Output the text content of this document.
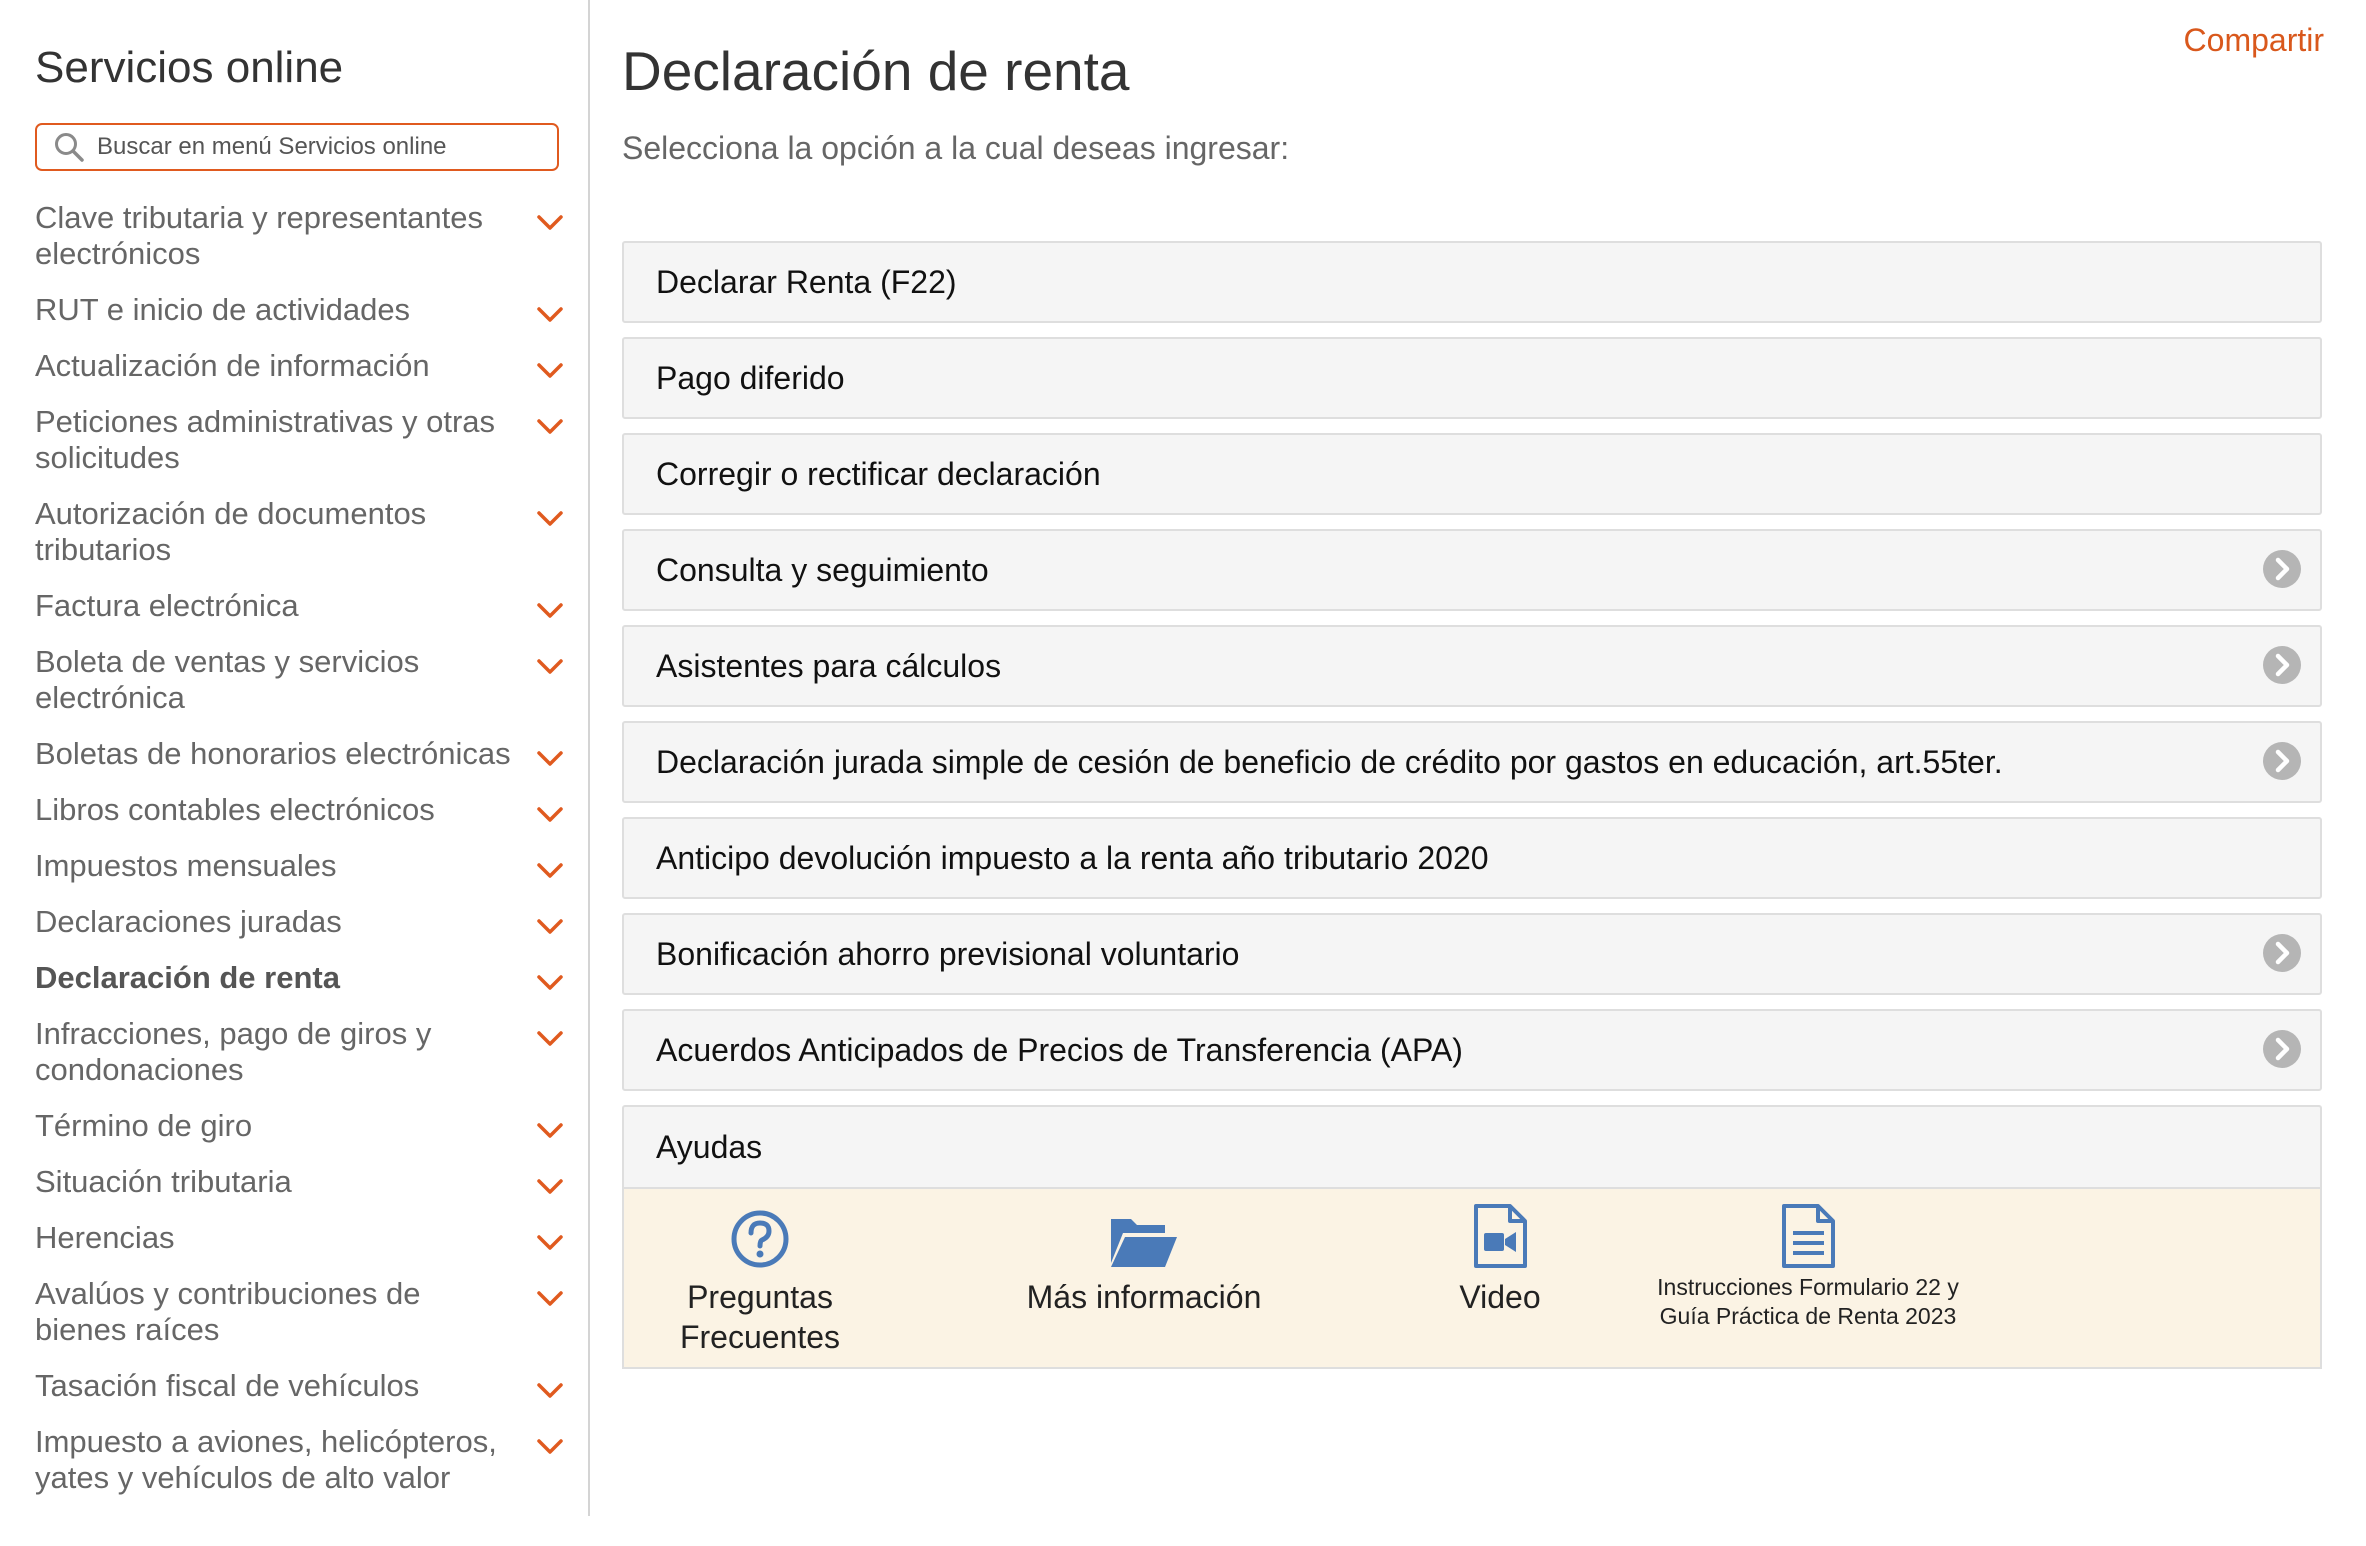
Servicios online
Buscar en menú Servicios online
Clave tributaria y representantes electrónicos
RUT e inicio de actividades
Actualización de información
Peticiones administrativas y otras solicitudes
Autorización de documentos tributarios
Factura electrónica
Boleta de ventas y servicios electrónica
Boletas de honorarios electrónicas
Libros contables electrónicos
Impuestos mensuales
Declaraciones juradas
Declaración de renta
Infracciones, pago de giros y condonaciones
Término de giro
Situación tributaria
Herencias
Avalúos y contribuciones de bienes raíces
Tasación fiscal de vehículos
Impuesto a aviones, helicópteros, yates y vehículos de alto valor
Compartir
Declaración de renta

Selecciona la opción a la cual deseas ingresar:

Declarar Renta (F22)
Pago diferido
Corregir o rectificar declaración
Consulta y seguimiento
Asistentes para cálculos
Declaración jurada simple de cesión de beneficio de crédito por gastos en educación, art.55ter.
Anticipo devolución impuesto a la renta año tributario 2020
Bonificación ahorro previsional voluntario
Acuerdos Anticipados de Precios de Transferencia (APA)
Ayudas
Preguntas Frecuentes
Más información	Video	Instrucciones Formulario 22 y
Guía Práctica de Renta 2023
